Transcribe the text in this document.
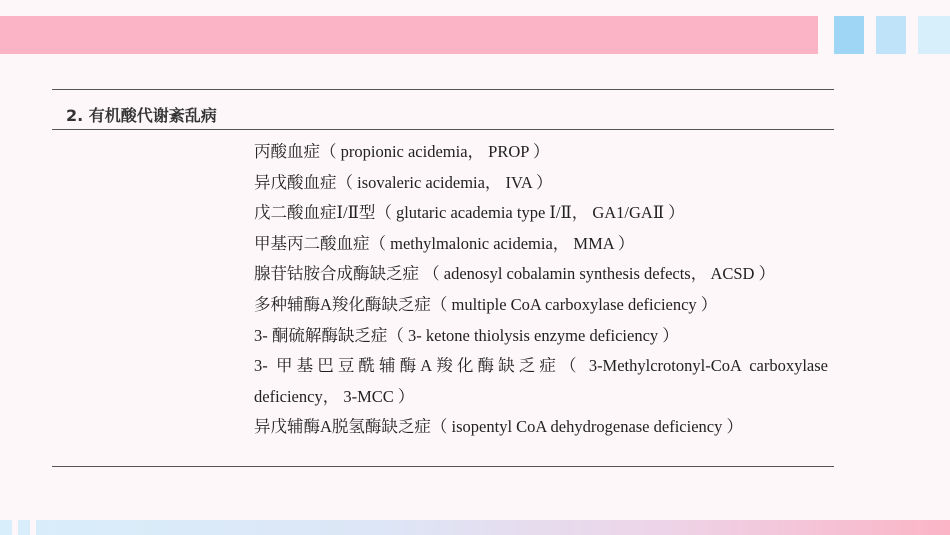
2. 有机酸代谢紊乱病
丙酸血症（ propionic acidemia， PROP ）
异戊酸血症（ isovaleric acidemia， IVA ）
戊二酸血症Ⅰ/Ⅱ型（ glutaric academia type Ⅰ/Ⅱ， GA1/GAⅡ ）
甲基丙二酸血症（ methylmalonic acidemia， MMA ）
腺苷钴胺合成酶缺乏症 （ adenosyl cobalamin synthesis defects， ACSD ）
多种辅酶A羧化酶缺乏症（ multiple CoA carboxylase deficiency ）
3- 酮硫解酶缺乏症（ 3- ketone thiolysis enzyme deficiency ）
3- 甲基巴豆酰辅酶A羧化酶缺乏症（ 3-Methylcrotonyl-CoA carboxylase deficiency， 3-MCC ）
异戊辅酶A脱氢酶缺乏症（ isopentyl CoA dehydrogenase deficiency ）
